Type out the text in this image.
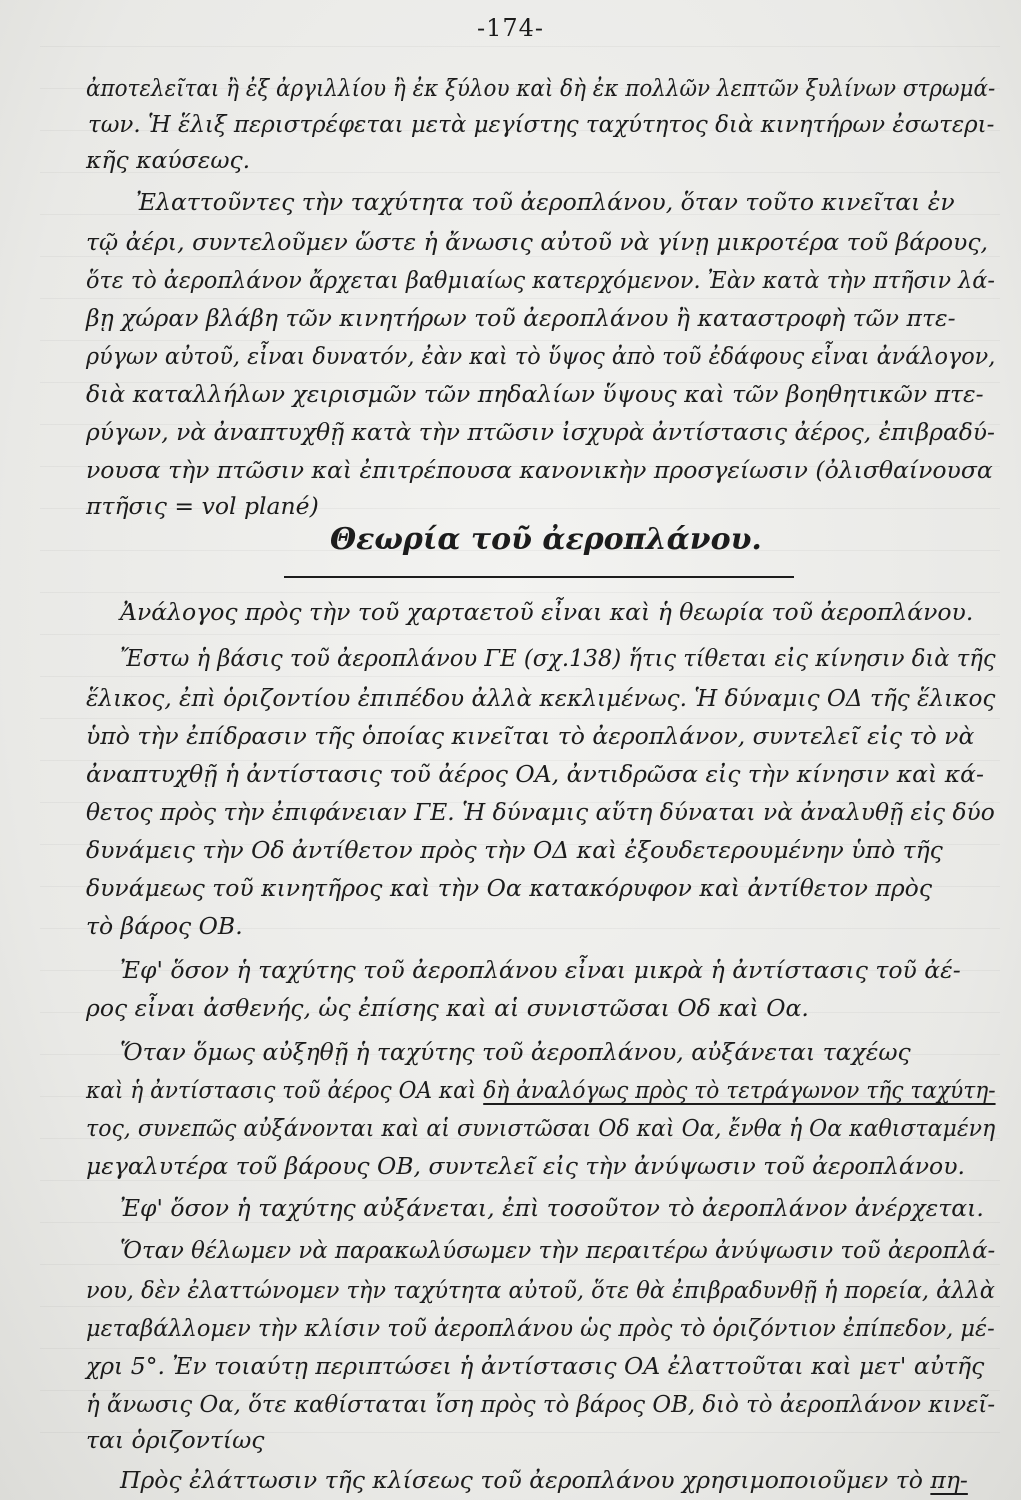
-174-

ἀποτελεῖται ἢ ἐξ ἀργιλλίου ἢ ἐκ ξύλου καὶ δὴ ἐκ πολλῶν λεπτῶν ξυλίνων στρωμά-

των. Ἡ ἕλιξ περιστρέφεται μετὰ μεγίστης ταχύτητος διὰ κινητήρων ἐσωτερι-

κῆς καύσεως.

Ἐλαττοῦντες τὴν ταχύτητα τοῦ ἀεροπλάνου, ὅταν τοῦτο κινεῖται ἐν

τῷ ἀέρι, συντελοῦμεν ὥστε ἡ ἄνωσις αὐτοῦ νὰ γίνῃ μικροτέρα τοῦ βάρους,

ὅτε τὸ ἀεροπλάνον ἄρχεται βαθμιαίως κατερχόμενον. Ἐὰν κατὰ τὴν πτῆσιν λά-

βῃ χώραν βλάβη τῶν κινητήρων τοῦ ἀεροπλάνου ἢ καταστροφὴ τῶν πτε-

ρύγων αὐτοῦ, εἶναι δυνατόν, ἐὰν καὶ τὸ ὕψος ἀπὸ τοῦ ἐδάφους εἶναι ἀνάλογον,

διὰ καταλλήλων χειρισμῶν τῶν πηδαλίων ὕψους καὶ τῶν βοηθητικῶν πτε-

ρύγων, νὰ ἀναπτυχθῇ κατὰ τὴν πτῶσιν ἰσχυρὰ ἀντίστασις ἀέρος, ἐπιβραδύ-

νουσα τὴν πτῶσιν καὶ ἐπιτρέπουσα κανονικὴν προσγείωσιν (ὀλισθαίνουσα

πτῆσις = vol plané)

Θεωρία τοῦ ἀεροπλάνου.

Ἀνάλογος πρὸς τὴν τοῦ χαρταετοῦ εἶναι καὶ ἡ θεωρία τοῦ ἀεροπλάνου.

Ἔστω ἡ βάσις τοῦ ἀεροπλάνου ΓΕ (σχ.138) ἥτις τίθεται εἰς κίνησιν διὰ τῆς

ἕλικος, ἐπὶ ὁριζοντίου ἐπιπέδου ἀλλὰ κεκλιμένως. Ἡ δύναμις ΟΔ τῆς ἕλικος

ὑπὸ τὴν ἐπίδρασιν τῆς ὁποίας κινεῖται τὸ ἀεροπλάνον, συντελεῖ εἰς τὸ νὰ

ἀναπτυχθῇ ἡ ἀντίστασις τοῦ ἀέρος ΟΑ, ἀντιδρῶσα εἰς τὴν κίνησιν καὶ κά-

θετος πρὸς τὴν ἐπιφάνειαν ΓΕ. Ἡ δύναμις αὕτη δύναται νὰ ἀναλυθῇ εἰς δύο

δυνάμεις τὴν Οδ ἀντίθετον πρὸς τὴν ΟΔ καὶ ἐξουδετερουμένην ὑπὸ τῆς

δυνάμεως τοῦ κινητῆρος καὶ τὴν Οα κατακόρυφον καὶ ἀντίθετον πρὸς

τὸ βάρος ΟΒ.

Ἐφ' ὅσον ἡ ταχύτης τοῦ ἀεροπλάνου εἶναι μικρὰ ἡ ἀντίστασις τοῦ ἀέ-

ρος εἶναι ἀσθενής, ὡς ἐπίσης καὶ αἱ συνιστῶσαι Οδ καὶ Οα.

Ὅταν ὅμως αὐξηθῇ ἡ ταχύτης τοῦ ἀεροπλάνου, αὐξάνεται ταχέως

καὶ ἡ ἀντίστασις τοῦ ἀέρος ΟΑ καὶ δὴ ἀναλόγως πρὸς τὸ τετράγωνον τῆς ταχύτη-

τος, συνεπῶς αὐξάνονται καὶ αἱ συνιστῶσαι Οδ καὶ Οα, ἔνθα ἡ Οα καθισταμένη

μεγαλυτέρα τοῦ βάρους ΟΒ, συντελεῖ εἰς τὴν ἀνύψωσιν τοῦ ἀεροπλάνου.

Ἐφ' ὅσον ἡ ταχύτης αὐξάνεται, ἐπὶ τοσοῦτον τὸ ἀεροπλάνον ἀνέρχεται.

Ὅταν θέλωμεν νὰ παρακωλύσωμεν τὴν περαιτέρω ἀνύψωσιν τοῦ ἀεροπλά-

νου, δὲν ἐλαττώνομεν τὴν ταχύτητα αὐτοῦ, ὅτε θὰ ἐπιβραδυνθῇ ἡ πορεία, ἀλλὰ

μεταβάλλομεν τὴν κλίσιν τοῦ ἀεροπλάνου ὡς πρὸς τὸ ὁριζόντιον ἐπίπεδον, μέ-

χρι 5°. Ἐν τοιαύτῃ περιπτώσει ἡ ἀντίστασις ΟΑ ἐλαττοῦται καὶ μετ' αὐτῆς

ἡ ἄνωσις Οα, ὅτε καθίσταται ἴση πρὸς τὸ βάρος ΟΒ, διὸ τὸ ἀεροπλάνον κινεῖ-

ται ὁριζοντίως

Πρὸς ἐλάττωσιν τῆς κλίσεως τοῦ ἀεροπλάνου χρησιμοποιοῦμεν τὸ πη-
